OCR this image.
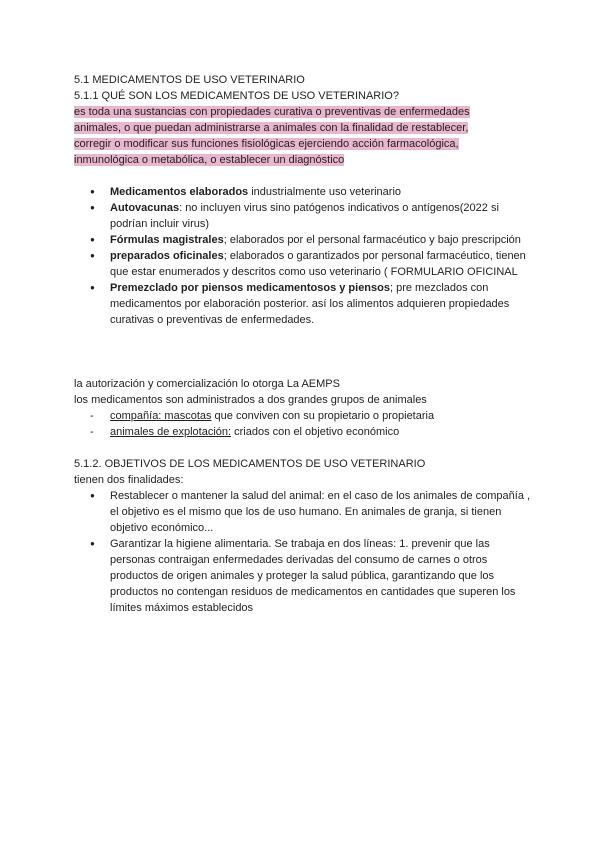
5.1 MEDICAMENTOS DE USO VETERINARIO
5.1.1 QUÉ SON LOS MEDICAMENTOS DE USO VETERINARIO?
es toda una sustancias con propiedades curativa o preventivas de enfermedades
animales, o que puedan administrarse a animales con la finalidad de restablecer,
corregir o modificar sus funciones fisiológicas ejerciendo acción farmacológica,
inmunológica o metabólica, o establecer un diagnóstico
● Medicamentos elaborados industrialmente uso veterinario
● Autovacunas: no incluyen virus sino patógenos indicativos o antígenos(2022 si podrían incluir virus)
● Fórmulas magistrales; elaborados por el personal farmacéutico y bajo prescripción
● preparados oficinales; elaborados o garantizados por personal farmacéutico, tienen que estar enumerados y descritos como uso veterinario ( FORMULARIO OFICINAL
● Premezclado por piensos medicamentosos y piensos; pre mezclados con medicamentos por elaboración posterior. así los alimentos adquieren propiedades curativas o preventivas de enfermedades.
la autorización y comercialización lo otorga La AEMPS
los medicamentos son administrados a dos grandes grupos de animales
- compañía: mascotas que conviven con su propietario o propietaria
- animales de explotación: criados con el objetivo económico
5.1.2. OBJETIVOS DE LOS MEDICAMENTOS DE USO VETERINARIO
tienen dos finalidades:
● Restablecer o mantener la salud del animal: en el caso de los animales de compañía , el objetivo es el mismo que los de uso humano. En animales de granja, si tienen objetivo económico...
● Garantizar la higiene alimentaria. Se trabaja en dos líneas: 1. prevenir que las personas contraigan enfermedades derivadas del consumo de carnes o otros productos de origen animales y proteger la salud pública, garantizando que los productos no contengan residuos de medicamentos en cantidades que superen los límites máximos establecidos
